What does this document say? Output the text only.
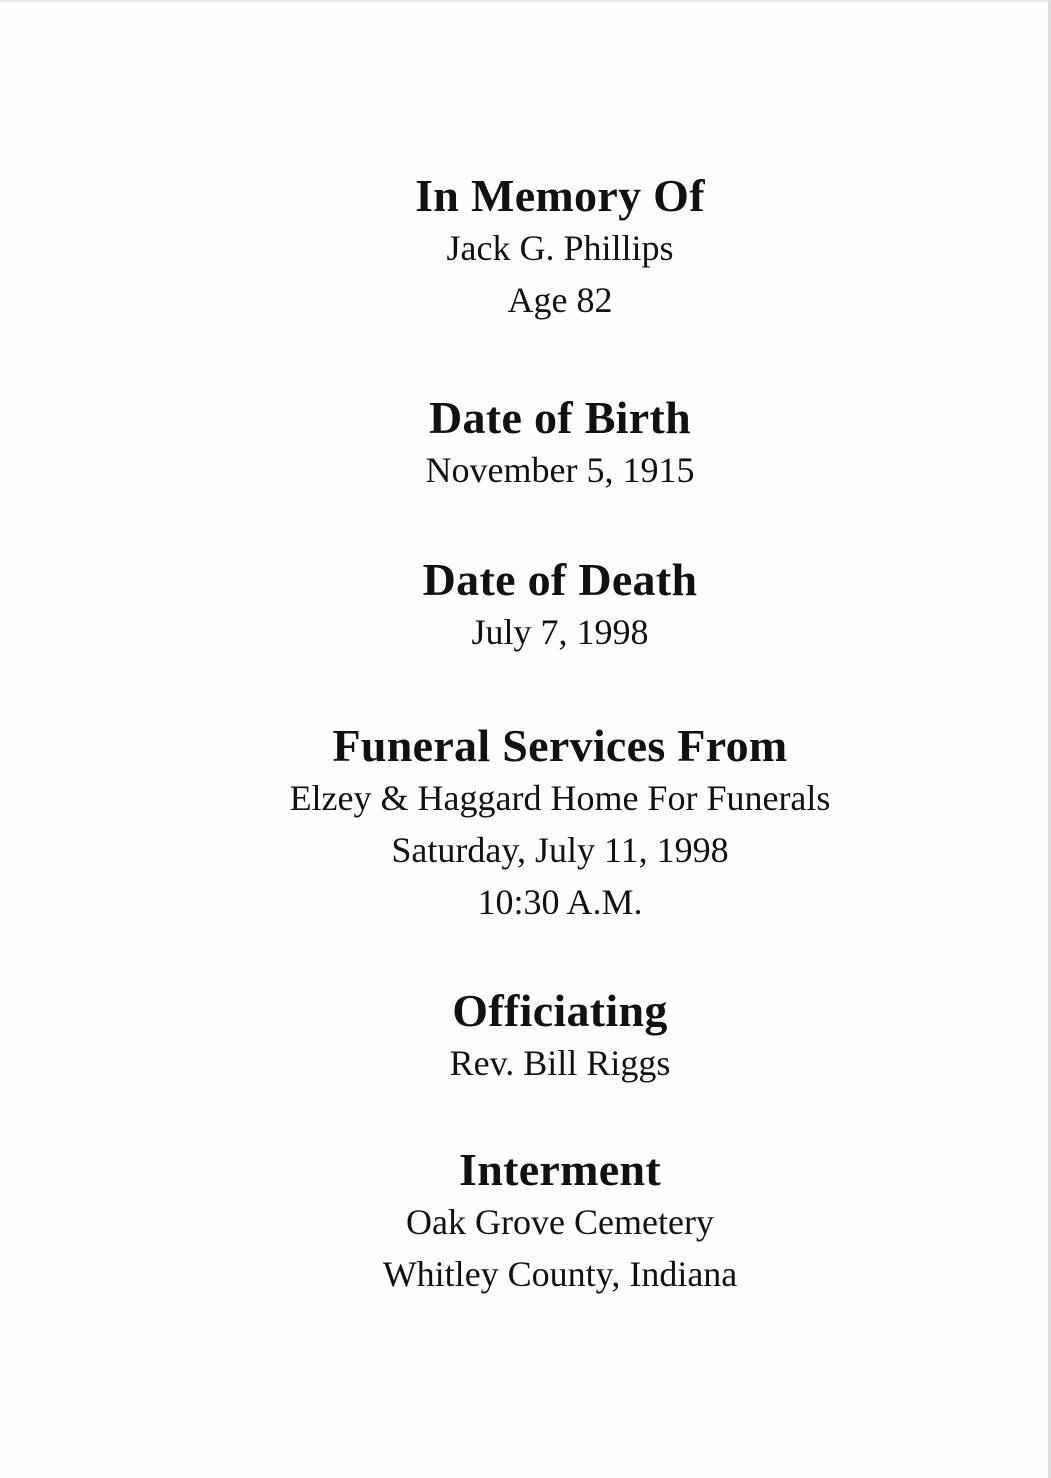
In Memory Of

Jack G. Phillips

Age 82

Date of Birth

November 5, 1915

Date of Death

July 7, 1998

Funeral Services From

Elzey & Haggard Home For Funerals

Saturday, July 11, 1998

10:30 A.M.

Officiating

Rev. Bill Riggs

Interment

Oak Grove Cemetery

Whitley County, Indiana
